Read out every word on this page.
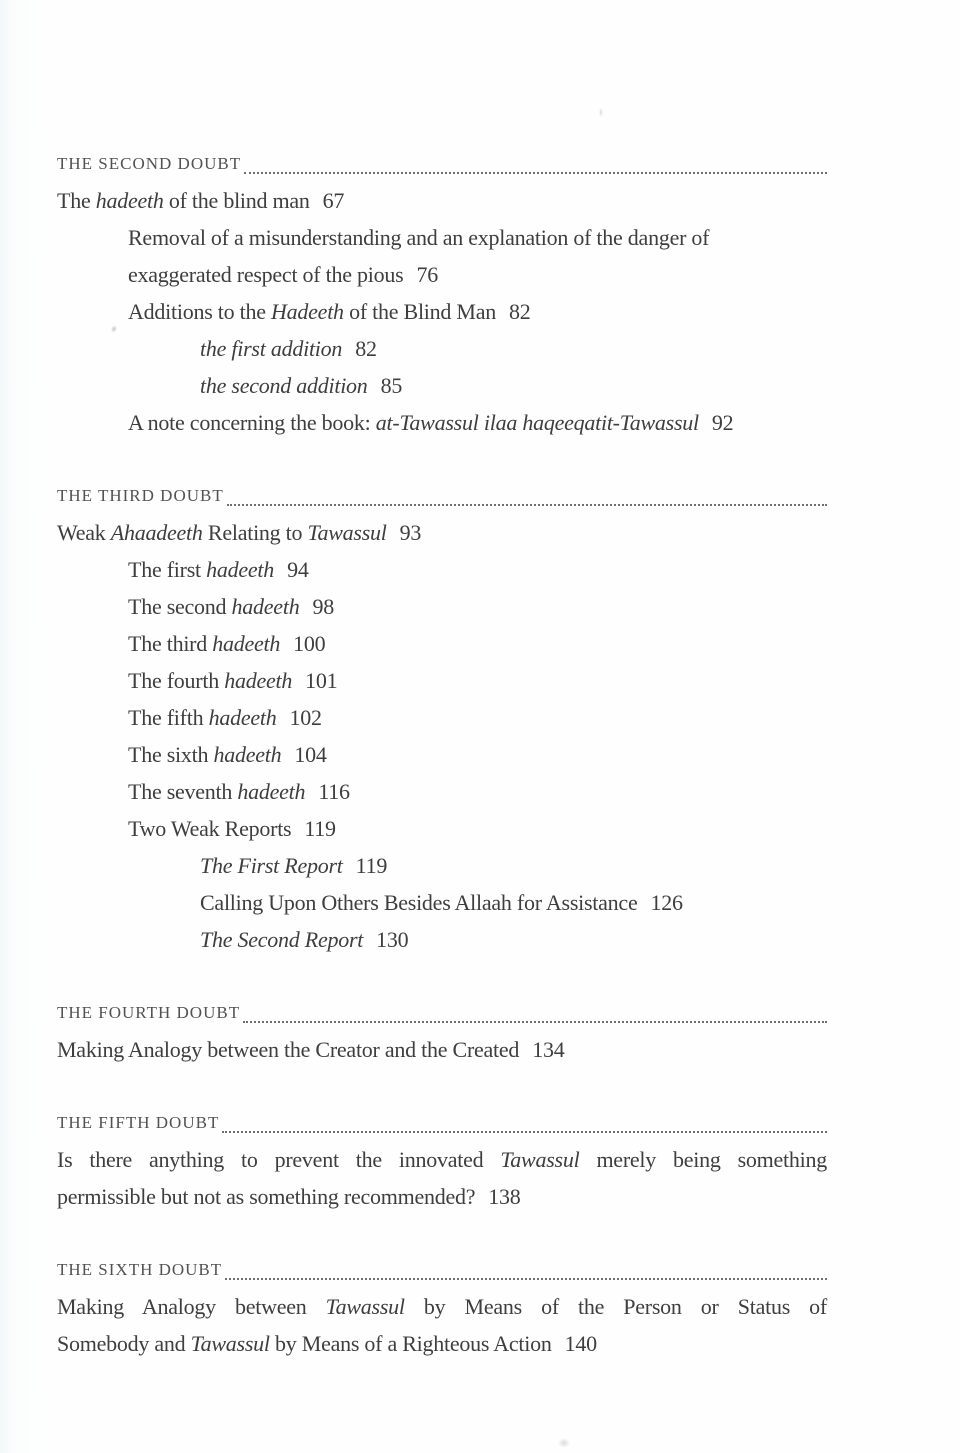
THE SECOND DOUBT
The hadeeth of the blind man 67
Removal of a misunderstanding and an explanation of the danger of
exaggerated respect of the pious 76
Additions to the Hadeeth of the Blind Man 82
the first addition 82
the second addition 85
A note concerning the book: at-Tawassul ilaa haqeeqatit-Tawassul 92
THE THIRD DOUBT
Weak Ahaadeeth Relating to Tawassul 93
The first hadeeth 94
The second hadeeth 98
The third hadeeth 100
The fourth hadeeth 101
The fifth hadeeth 102
The sixth hadeeth 104
The seventh hadeeth 116
Two Weak Reports 119
The First Report 119
Calling Upon Others Besides Allaah for Assistance 126
The Second Report 130
THE FOURTH DOUBT
Making Analogy between the Creator and the Created 134
THE FIFTH DOUBT
Is there anything to prevent the innovated Tawassul merely being something
permissible but not as something recommended? 138
THE SIXTH DOUBT
Making Analogy between Tawassul by Means of the Person or Status of
Somebody and Tawassul by Means of a Righteous Action 140
